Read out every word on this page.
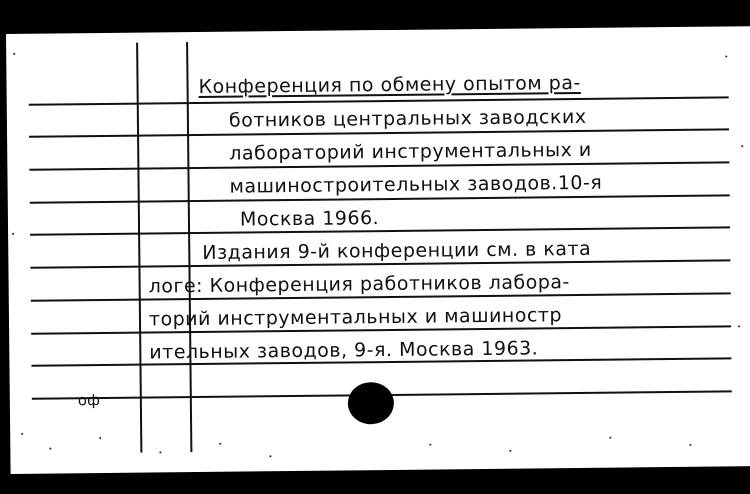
Конференция по обмену опытом ра-
ботников центральных заводских
лабораторий инструментальных и
машиностроительных заводов.10-я
Москва 1966.
Издания 9-й конференции см. в ката
логе: Конференция работников лабора-
торий инструментальных и машиностр
ительных заводов, 9-я. Москва 1963.
оф
